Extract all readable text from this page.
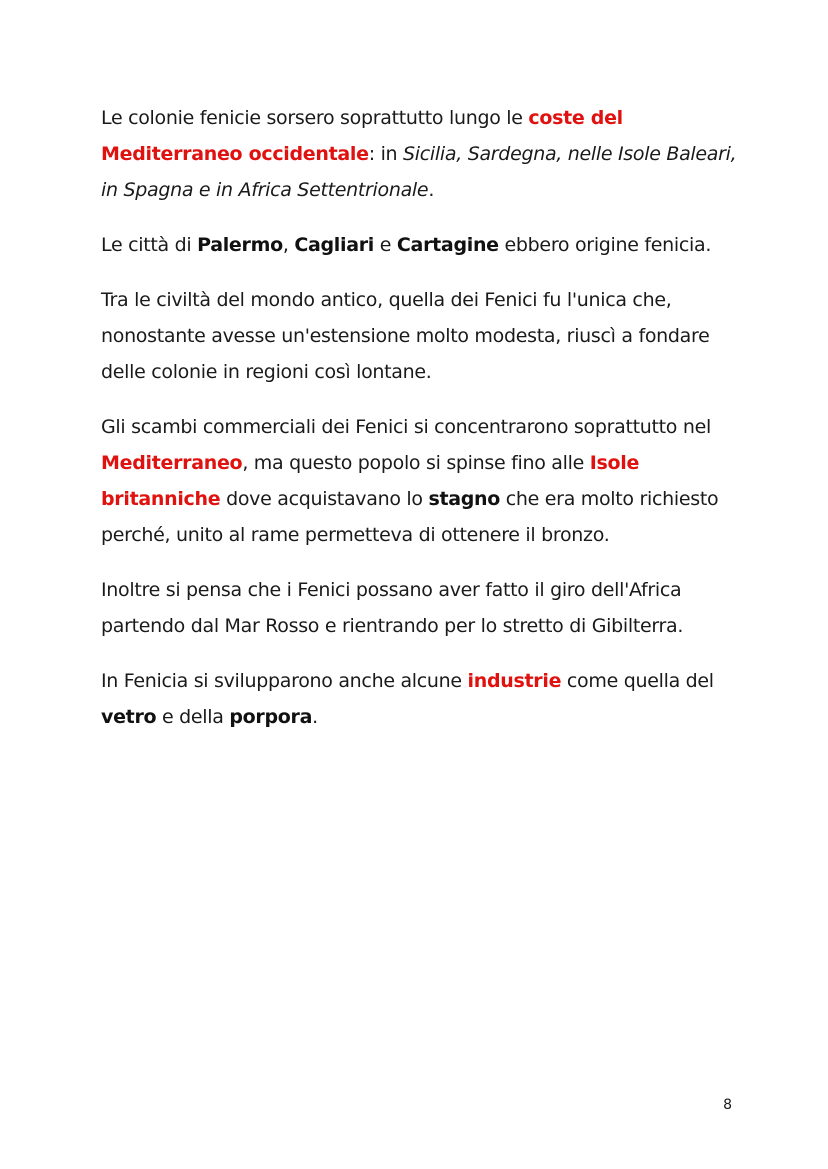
Le colonie fenicie sorsero soprattutto lungo le coste del Mediterraneo occidentale: in Sicilia, Sardegna, nelle Isole Baleari, in Spagna e in Africa Settentrionale.

Le città di Palermo, Cagliari e Cartagine ebbero origine fenicia.

Tra le civiltà del mondo antico, quella dei Fenici fu l'unica che, nonostante avesse un'estensione molto modesta, riuscì a fondare delle colonie in regioni così lontane.

Gli scambi commerciali dei Fenici si concentrarono soprattutto nel Mediterraneo, ma questo popolo si spinse fino alle Isole britanniche dove acquistavano lo stagno che era molto richiesto perché, unito al rame permetteva di ottenere il bronzo.

Inoltre si pensa che i Fenici possano aver fatto il giro dell'Africa partendo dal Mar Rosso e rientrando per lo stretto di Gibilterra.

In Fenicia si svilupparono anche alcune industrie come quella del vetro e della porpora.

8
